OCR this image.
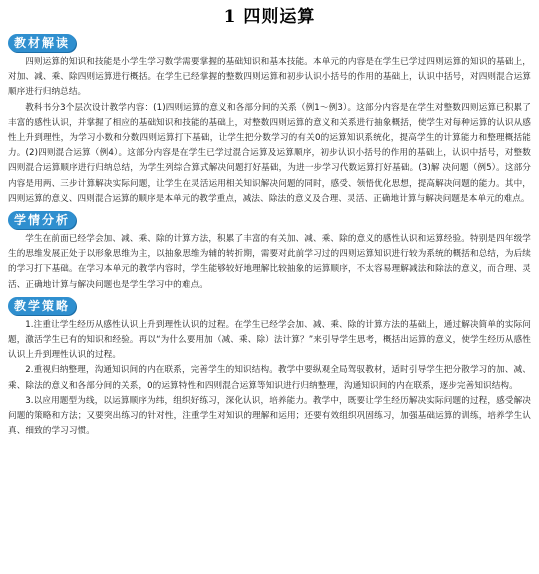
1 四则运算
教材解读

四则运算的知识和技能是小学生学习数学需要掌握的基础知识和基本技能。本单元的内容是在学生已学过四则运算的知识的基础上，对加、减、乘、除四则运算进行概括。在学生已经掌握的整数四则运算和初步认识小括号的作用的基础上，认识中括号，对四则混合运算顺序进行归纳总结。

教科书分3个层次设计教学内容：(1)四则运算的意义和各部分间的关系（例1～例3）。这部分内容是在学生对整数四则运算已积累了丰富的感性认识，并掌握了相应的基础知识和技能的基础上，对整数四则运算的意义和关系进行抽象概括，使学生对每种运算的认识从感性上升到理性，为学习小数和分数四则运算打下基础，让学生把分数学习的有关0的运算知识系统化，提高学生的计算能力和整理概括能力。(2)四则混合运算（例4）。这部分内容是在学生已学过混合运算及运算顺序，初步认识小括号的作用的基础上，认识中括号，对整数四则混合运算顺序进行归纳总结，为学生列综合算式解决问题打好基础，为进一步学习代数运算打好基础。(3)解 决问题（例5）。这部分内容是用两、三步计算解决实际问题，让学生在灵活运用相关知识解决问题的同时，感受、领悟优化思想，提高解决问题的能力。其中，四则运算的意义、四则混合运算的顺序是本单元的教学重点，减法、除法的意义及合理、灵活、正确地计算与解决问题是本单元的难点。

学情分析

学生在前面已经学会加、减、乘、除的计算方法，积累了丰富的有关加、减、乘、除的意义的感性认识和运算经验。特别是四年级学生的思维发展正处于以形象思维为主，以抽象思维为辅的转折期，需要对此前学习过的四则运算知识进行较为系统的概括和总结，为后续的学习打下基础。在学习本单元的教学内容时，学生能够较好地理解比较抽象的运算顺序，不太容易理解减法和除法的意义，而合理、灵活、正确地计算与解决问题也是学生学习中的难点。

教学策略

1.注重让学生经历从感性认识上升到理性认识的过程。在学生已经学会加、减、乘、除的计算方法的基础上，通过解决简单的实际问题，激活学生已有的知识和经验。再以“为什么要用加（减、乘、除）法计算？”来引导学生思考，概括出运算的意义，使学生经历从感性认识上升到理性认识的过程。

2.重视归纳整理，沟通知识间的内在联系，完善学生的知识结构。教学中要纵观全局驾驭教材，适时引导学生把分散学习的加、减、乘、除法的意义和各部分间的关系，0的运算特性和四则混合运算等知识进行归纳整理，沟通知识间的内在联系，逐步完善知识结构。

3.以应用题型为线，以运算顺序为纬，组织好练习，深化认识，培养能力。教学中，既要让学生经历解决实际问题的过程，感受解决问题的策略和方法；又要突出练习的针对性，注重学生对知识的理解和运用；还要有效组织巩固练习，加强基础运算的训练，培养学生认真、细致的学习习惯。
